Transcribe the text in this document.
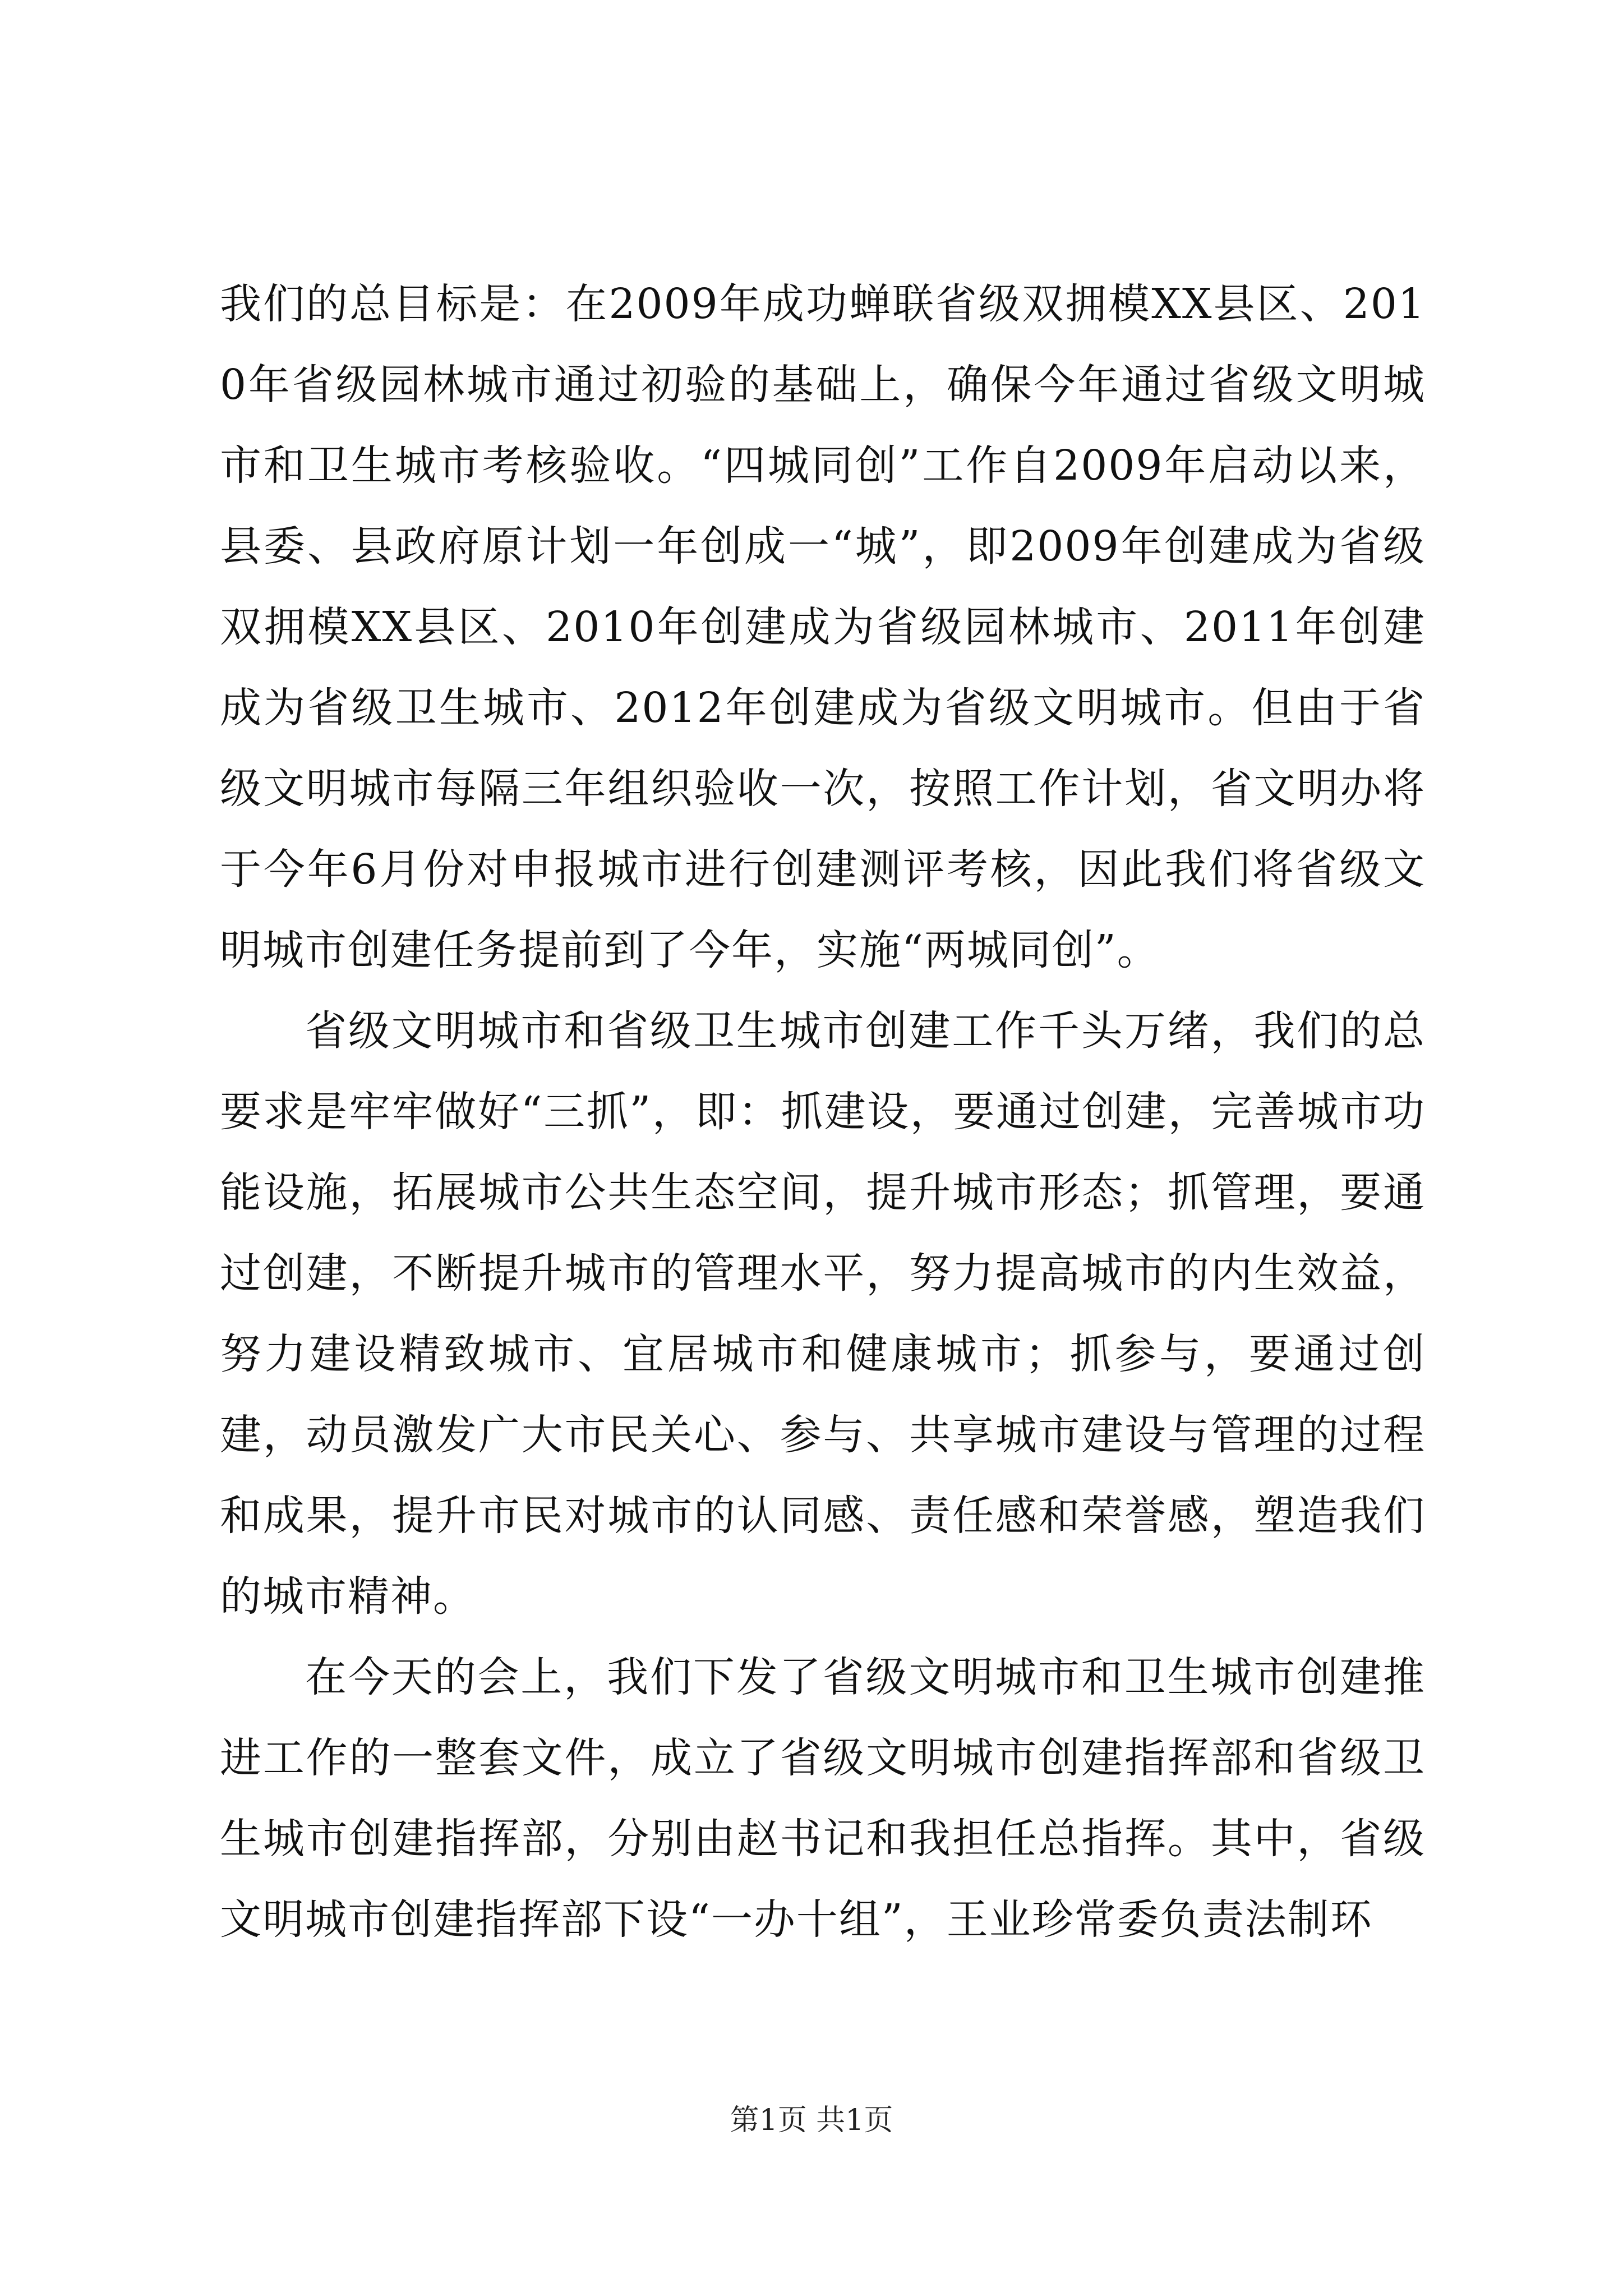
我们的总目标是：在2009年成功蝉联省级双拥模XX县区、2010年省级园林城市通过初验的基础上，确保今年通过省级文明城市和卫生城市考核验收。“四城同创”工作自2009年启动以来，县委、县政府原计划一年创成一“城”，即2009年创建成为省级双拥模XX县区、2010年创建成为省级园林城市、2011年创建成为省级卫生城市、2012年创建成为省级文明城市。但由于省级文明城市每隔三年组织验收一次，按照工作计划，省文明办将于今年6月份对申报城市进行创建测评考核，因此我们将省级文明城市创建任务提前到了今年，实施“两城同创”。

省级文明城市和省级卫生城市创建工作千头万绪，我们的总要求是牢牢做好“三抓”，即：抓建设，要通过创建，完善城市功能设施，拓展城市公共生态空间，提升城市形态；抓管理，要通过创建，不断提升城市的管理水平，努力提高城市的内生效益，努力建设精致城市、宜居城市和健康城市；抓参与，要通过创建，动员激发广大市民关心、参与、共享城市建设与管理的过程和成果，提升市民对城市的认同感、责任感和荣誉感，塑造我们的城市精神。

在今天的会上，我们下发了省级文明城市和卫生城市创建推进工作的一整套文件，成立了省级文明城市创建指挥部和省级卫生城市创建指挥部，分别由赵书记和我担任总指挥。其中，省级文明城市创建指挥部下设“一办十组”，王业珍常委负责法制环

第1页 共1页
